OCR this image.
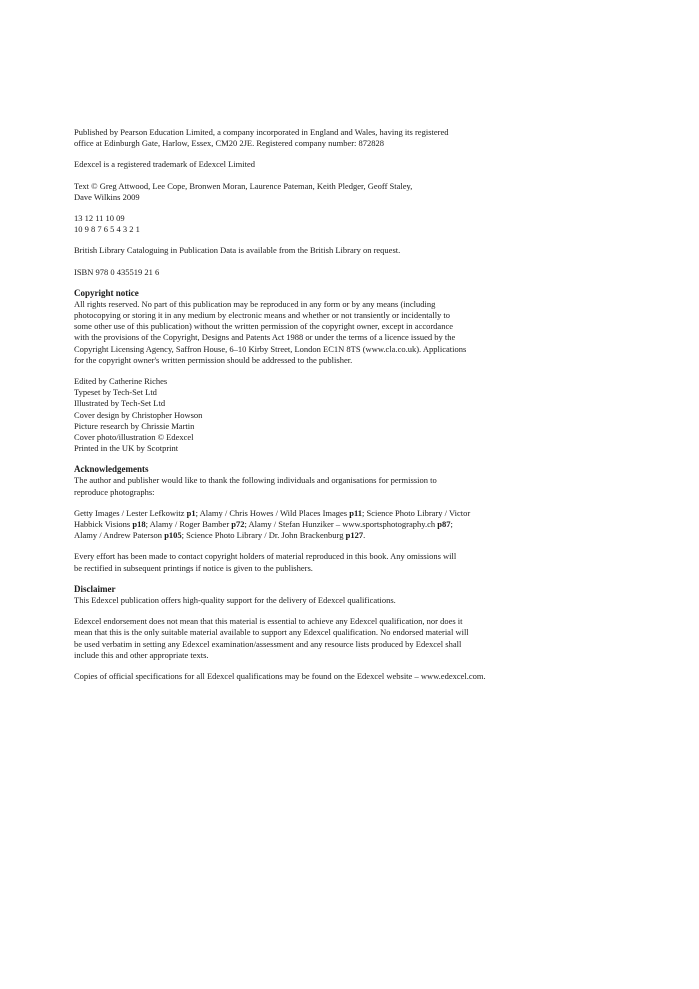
Published by Pearson Education Limited, a company incorporated in England and Wales, having its registered
office at Edinburgh Gate, Harlow, Essex, CM20 2JE. Registered company number: 872828
Edexcel is a registered trademark of Edexcel Limited
Text © Greg Attwood, Lee Cope, Bronwen Moran, Laurence Pateman, Keith Pledger, Geoff Staley,
Dave Wilkins 2009
13 12 11 10 09
10 9 8 7 6 5 4 3 2 1
British Library Cataloguing in Publication Data is available from the British Library on request.
ISBN 978 0 435519 21 6
Copyright notice
All rights reserved. No part of this publication may be reproduced in any form or by any means (including
photocopying or storing it in any medium by electronic means and whether or not transiently or incidentally to
some other use of this publication) without the written permission of the copyright owner, except in accordance
with the provisions of the Copyright, Designs and Patents Act 1988 or under the terms of a licence issued by the
Copyright Licensing Agency, Saffron House, 6–10 Kirby Street, London EC1N 8TS (www.cla.co.uk). Applications
for the copyright owner's written permission should be addressed to the publisher.
Edited by Catherine Riches
Typeset by Tech-Set Ltd
Illustrated by Tech-Set Ltd
Cover design by Christopher Howson
Picture research by Chrissie Martin
Cover photo/illustration © Edexcel
Printed in the UK by Scotprint
Acknowledgements
The author and publisher would like to thank the following individuals and organisations for permission to
reproduce photographs:
Getty Images / Lester Lefkowitz p1; Alamy / Chris Howes / Wild Places Images p11; Science Photo Library / Victor
Habbick Visions p18; Alamy / Roger Bamber p72; Alamy / Stefan Hunziker – www.sportsphotography.ch p87;
Alamy / Andrew Paterson p105; Science Photo Library / Dr. John Brackenburg p127.
Every effort has been made to contact copyright holders of material reproduced in this book. Any omissions will
be rectified in subsequent printings if notice is given to the publishers.
Disclaimer
This Edexcel publication offers high-quality support for the delivery of Edexcel qualifications.
Edexcel endorsement does not mean that this material is essential to achieve any Edexcel qualification, nor does it
mean that this is the only suitable material available to support any Edexcel qualification. No endorsed material will
be used verbatim in setting any Edexcel examination/assessment and any resource lists produced by Edexcel shall
include this and other appropriate texts.
Copies of official specifications for all Edexcel qualifications may be found on the Edexcel website – www.edexcel.com.
